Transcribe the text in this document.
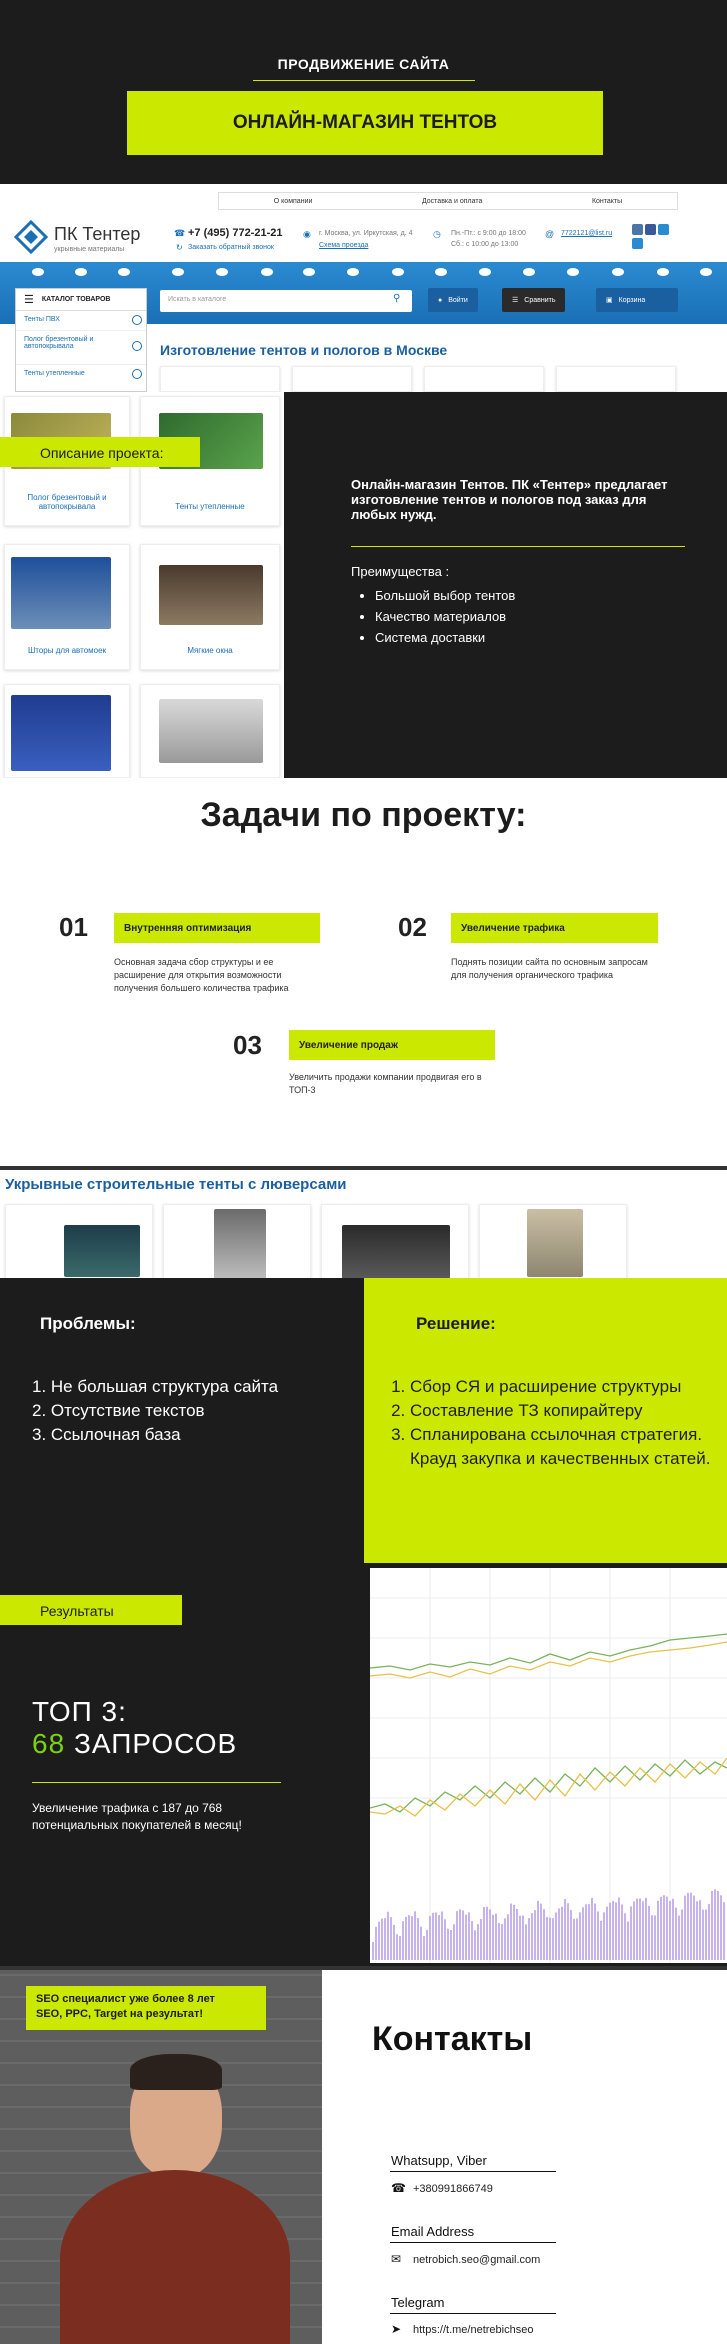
ПРОДВИЖЕНИЕ САЙТА
ОНЛАЙН-МАГАЗИН ТЕНТОВ
О компании	Доставка и оплата	Контакты
ПК Тентер
укрывные материалы
☎ +7 (495) 772-21-21
↻ Заказать обратный звонок
◉ г. Москва, ул. Иркутская, д. 4
Схема проезда
◷ Пн.-Пт.: с 9:00 до 18:00
Сб.: с 10:00 до 13:00
@ 7722121@list.ru
☰ КАТАЛОГ ТОВАРОВ
Тенты ПВХ
Полог брезентовый и автопокрывала
Тенты утепленные
Искать в каталоге	⚲	● Войти	☰ Сравнить	▣ Корзина
Изготовление тентов и пологов в Москве
Полог брезентовый и автопокрывала	Тенты утепленные
Шторы для автомоек	Мягкие окна
Описание проекта:
Онлайн-магазин Тентов. ПК «Тентер» предлагает изготовление тентов и пологов под заказ для любых нужд.
Преимущества :
• Большой выбор тентов
• Качество материалов
• Система доставки
Задачи по проекту:
01	Внутренняя оптимизация
Основная задача сбор структуры и ее расширение для открытия возможности получения большего количества трафика
02	Увеличение трафика
Поднять позиции сайта по основным запросам для получения органического трафика
03	Увеличение продаж
Увеличить продажи компании продвигая его в ТОП-3
Укрывные строительные тенты с люверсами
Проблемы:
1. Не большая структура сайта
2. Отсутствие текстов
3. Ссылочная база
Решение:
1. Сбор СЯ и расширение структуры
2. Составление ТЗ копирайтеру
3. Спланирована ссылочная стратегия. Крауд закупка и качественных статей.
Результаты
ТОП 3:
68 ЗАПРОСОВ
Увеличение трафика с 187 до 768 потенциальных покупателей в месяц!
SEO специалист уже более 8 лет
SEO, PPC, Target на результат!
Контакты
Whatsupp, Viber
☎ +380991866749
Email Address
✉ netrobich.seo@gmail.com
Telegram
➤ https://t.me/netrebichseo
